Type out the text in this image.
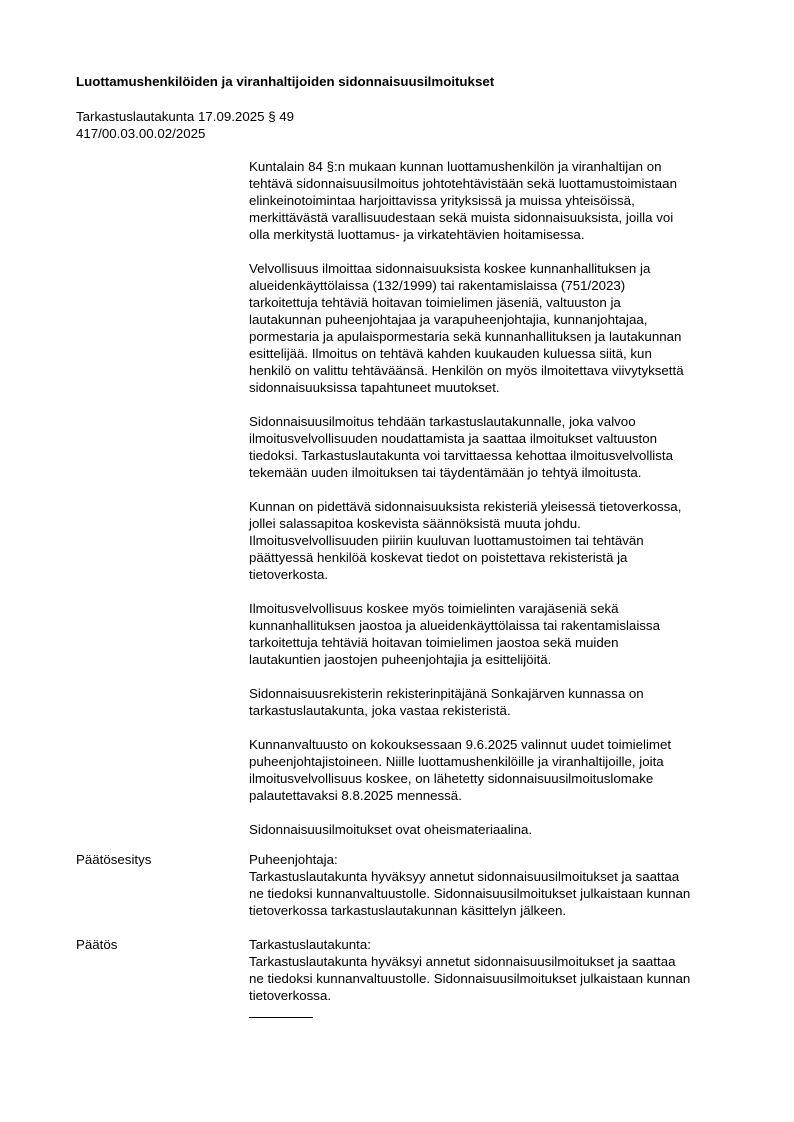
Luottamushenkilöiden ja viranhaltijoiden sidonnaisuusilmoitukset
Tarkastuslautakunta 17.09.2025 § 49
417/00.03.00.02/2025
Kuntalain 84 §:n mukaan kunnan luottamushenkilön ja viranhaltijan on
tehtävä sidonnaisuusilmoitus johtotehtävistään sekä luottamustoimistaan
elinkeinotoimintaa harjoittavissa yrityksissä ja muissa yhteisöissä,
merkittävästä varallisuudestaan sekä muista sidonnaisuuksista, joilla voi
olla merkitystä luottamus- ja virkatehtävien hoitamisessa.
Velvollisuus ilmoittaa sidonnaisuuksista koskee kunnanhallituksen ja
alueidenkäyttölaissa (132/1999) tai rakentamislaissa (751/2023)
tarkoitettuja tehtäviä hoitavan toimielimen jäseniä, valtuuston ja
lautakunnan puheenjohtajaa ja varapuheenjohtajia, kunnanjohtajaa,
pormestaria ja apulaispormestaria sekä kunnanhallituksen ja lautakunnan
esittelijää. Ilmoitus on tehtävä kahden kuukauden kuluessa siitä, kun
henkilö on valittu tehtäväänsä. Henkilön on myös ilmoitettava viivytyksettä
sidonnaisuuksissa tapahtuneet muutokset.
Sidonnaisuusilmoitus tehdään tarkastuslautakunnalle, joka valvoo
ilmoitusvelvollisuuden noudattamista ja saattaa ilmoitukset valtuuston
tiedoksi. Tarkastuslautakunta voi tarvittaessa kehottaa ilmoitusvelvollista
tekemään uuden ilmoituksen tai täydentämään jo tehtyä ilmoitusta.
Kunnan on pidettävä sidonnaisuuksista rekisteriä yleisessä tietoverkossa,
jollei salassapitoa koskevista säännöksistä muuta johdu.
Ilmoitusvelvollisuuden piiriin kuuluvan luottamustoimen tai tehtävän
päättyessä henkilöä koskevat tiedot on poistettava rekisteristä ja
tietoverkosta.
Ilmoitusvelvollisuus koskee myös toimielinten varajäseniä sekä
kunnanhallituksen jaostoa ja alueidenkäyttölaissa tai rakentamislaissa
tarkoitettuja tehtäviä hoitavan toimielimen jaostoa sekä muiden
lautakuntien jaostojen puheenjohtajia ja esittelijöitä.
Sidonnaisuusrekisterin rekisterinpitäjänä Sonkajärven kunnassa on
tarkastuslautakunta, joka vastaa rekisteristä.
Kunnanvaltuusto on kokouksessaan 9.6.2025 valinnut uudet toimielimet
puheenjohtajistoineen. Niille luottamushenkilöille ja viranhaltijoille, joita
ilmoitusvelvollisuus koskee, on lähetetty sidonnaisuusilmoituslomake
palautettavaksi 8.8.2025 mennessä.
Sidonnaisuusilmoitukset ovat oheismateriaalina.
Päätösesitys	Puheenjohtaja:
Tarkastuslautakunta hyväksyy annetut sidonnaisuusilmoitukset ja saattaa
ne tiedoksi kunnanvaltuustolle. Sidonnaisuusilmoitukset julkaistaan kunnan
tietoverkossa tarkastuslautakunnan käsittelyn jälkeen.
Päätös	Tarkastuslautakunta:
Tarkastuslautakunta hyväksyi annetut sidonnaisuusilmoitukset ja saattaa
ne tiedoksi kunnanvaltuustolle. Sidonnaisuusilmoitukset julkaistaan kunnan
tietoverkossa.
